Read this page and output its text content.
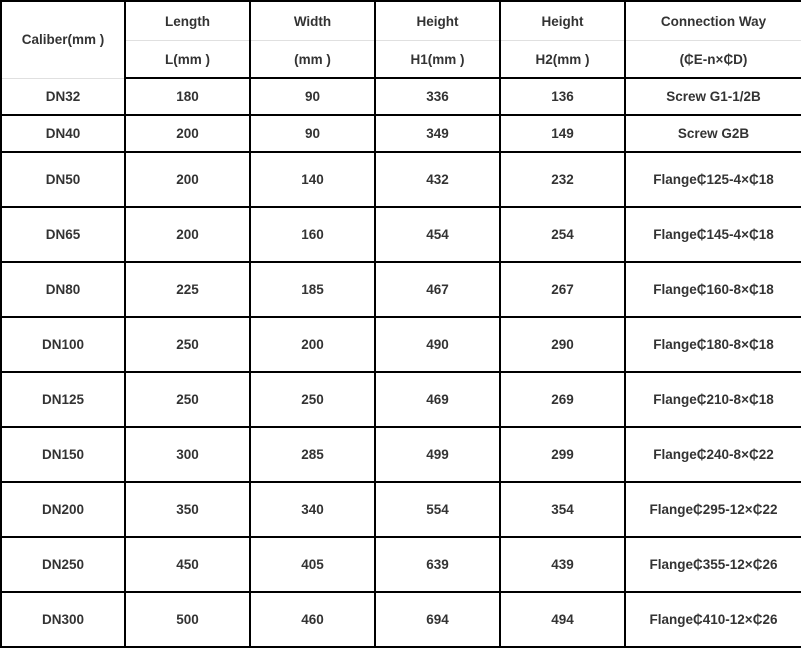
Caliber(mm )	Length	Width	Height	Height	Connection Way
	L(mm )	(mm )	H1(mm )	H2(mm )	(₵E-n×₵D)
DN32	180	90	336	136	Screw G1-1/2B
DN40	200	90	349	149	Screw G2B
DN50	200	140	432	232	Flange₵125-4×₵18
DN65	200	160	454	254	Flange₵145-4×₵18
DN80	225	185	467	267	Flange₵160-8×₵18
DN100	250	200	490	290	Flange₵180-8×₵18
DN125	250	250	469	269	Flange₵210-8×₵18
DN150	300	285	499	299	Flange₵240-8×₵22
DN200	350	340	554	354	Flange₵295-12×₵22
DN250	450	405	639	439	Flange₵355-12×₵26
DN300	500	460	694	494	Flange₵410-12×₵26
